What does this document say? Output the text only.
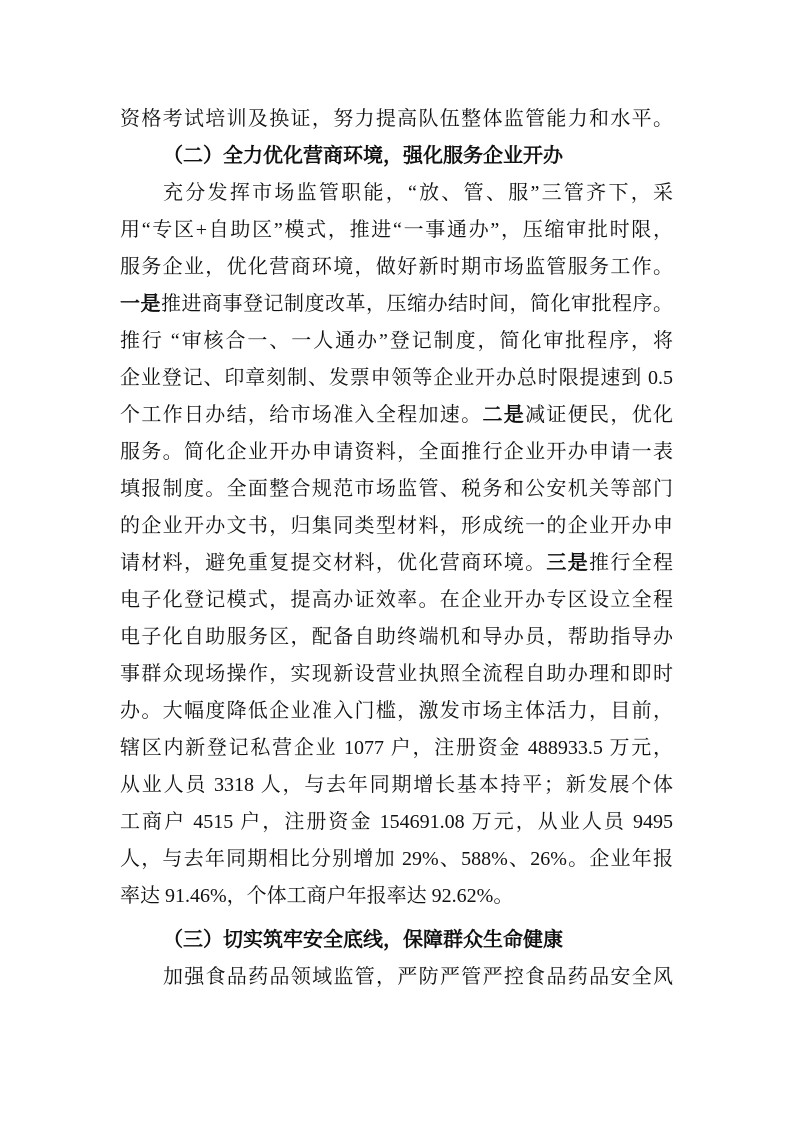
资格考试培训及换证，努力提高队伍整体监管能力和水平。
（二）全力优化营商环境，强化服务企业开办
充分发挥市场监管职能，“放、管、服”三管齐下，采
用“专区+自助区”模式，推进“一事通办”，压缩审批时限，
服务企业，优化营商环境，做好新时期市场监管服务工作。
一是推进商事登记制度改革，压缩办结时间，简化审批程序。
推行 “审核合一、一人通办”登记制度，简化审批程序，将
企业登记、印章刻制、发票申领等企业开办总时限提速到 0.5
个工作日办结，给市场准入全程加速。二是减证便民，优化
服务。简化企业开办申请资料，全面推行企业开办申请一表
填报制度。全面整合规范市场监管、税务和公安机关等部门
的企业开办文书，归集同类型材料，形成统一的企业开办申
请材料，避免重复提交材料，优化营商环境。三是推行全程
电子化登记模式，提高办证效率。在企业开办专区设立全程
电子化自助服务区，配备自助终端机和导办员，帮助指导办
事群众现场操作，实现新设营业执照全流程自助办理和即时
办。大幅度降低企业准入门槛，激发市场主体活力，目前，
辖区内新登记私营企业 1077 户，注册资金 488933.5 万元，
从业人员 3318 人，与去年同期增长基本持平；新发展个体
工商户 4515 户，注册资金 154691.08 万元，从业人员 9495
人，与去年同期相比分别增加 29%、588%、26%。企业年报
率达 91.46%，个体工商户年报率达 92.62%。
（三）切实筑牢安全底线，保障群众生命健康
加强食品药品领域监管，严防严管严控食品药品安全风
